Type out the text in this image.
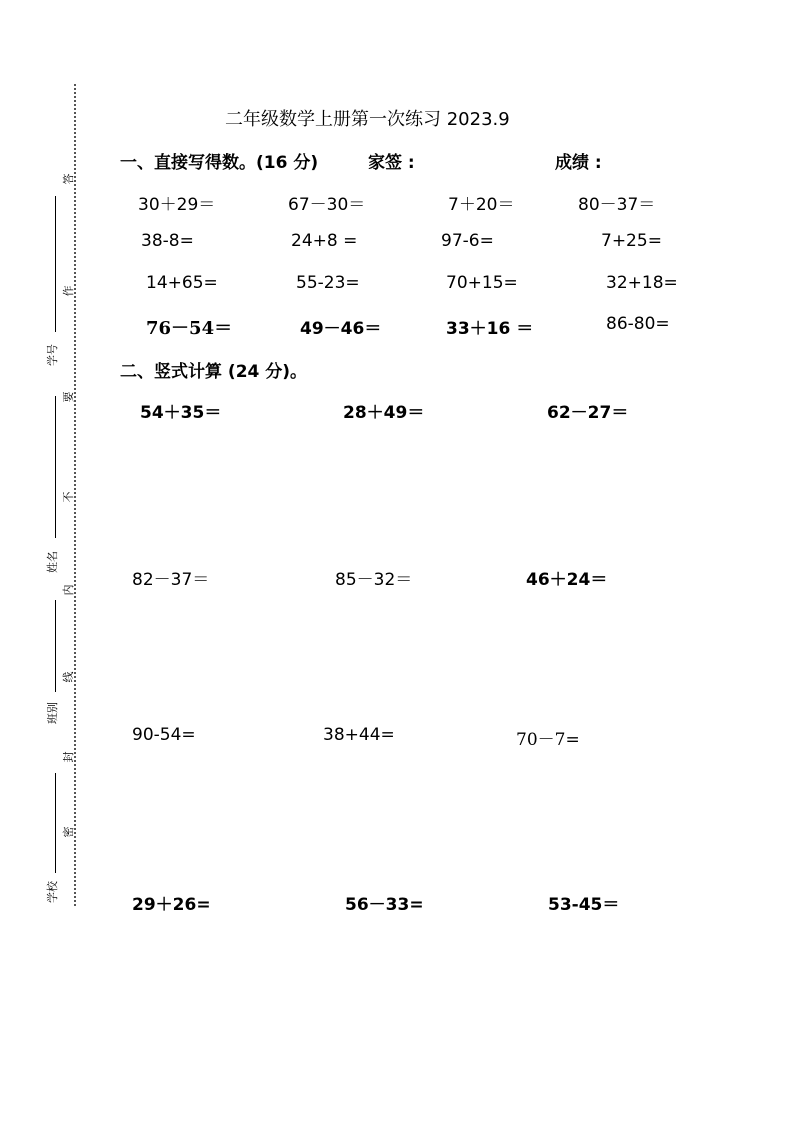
答
作
要
不
内
线
封
密
学号
姓名
班别
学校
二年级数学上册第一次练习 2023.9
一、直接写得数。(16 分)	家签 :	成绩 :
30＋29＝	67－30＝	7＋20＝	80－37＝
38-8=	24+8 =	97-6=	7+25=
14+65=	55-23=	70+15=	32+18=
76－54＝	49－46＝	33＋16 ＝	86-80=
二、竖式计算 (24 分)。
54＋35＝	28＋49＝	62－27＝
82－37＝	85－32＝	46＋24＝
90-54=	38+44=	70－7=
29＋26=	56－33=	53-45＝
